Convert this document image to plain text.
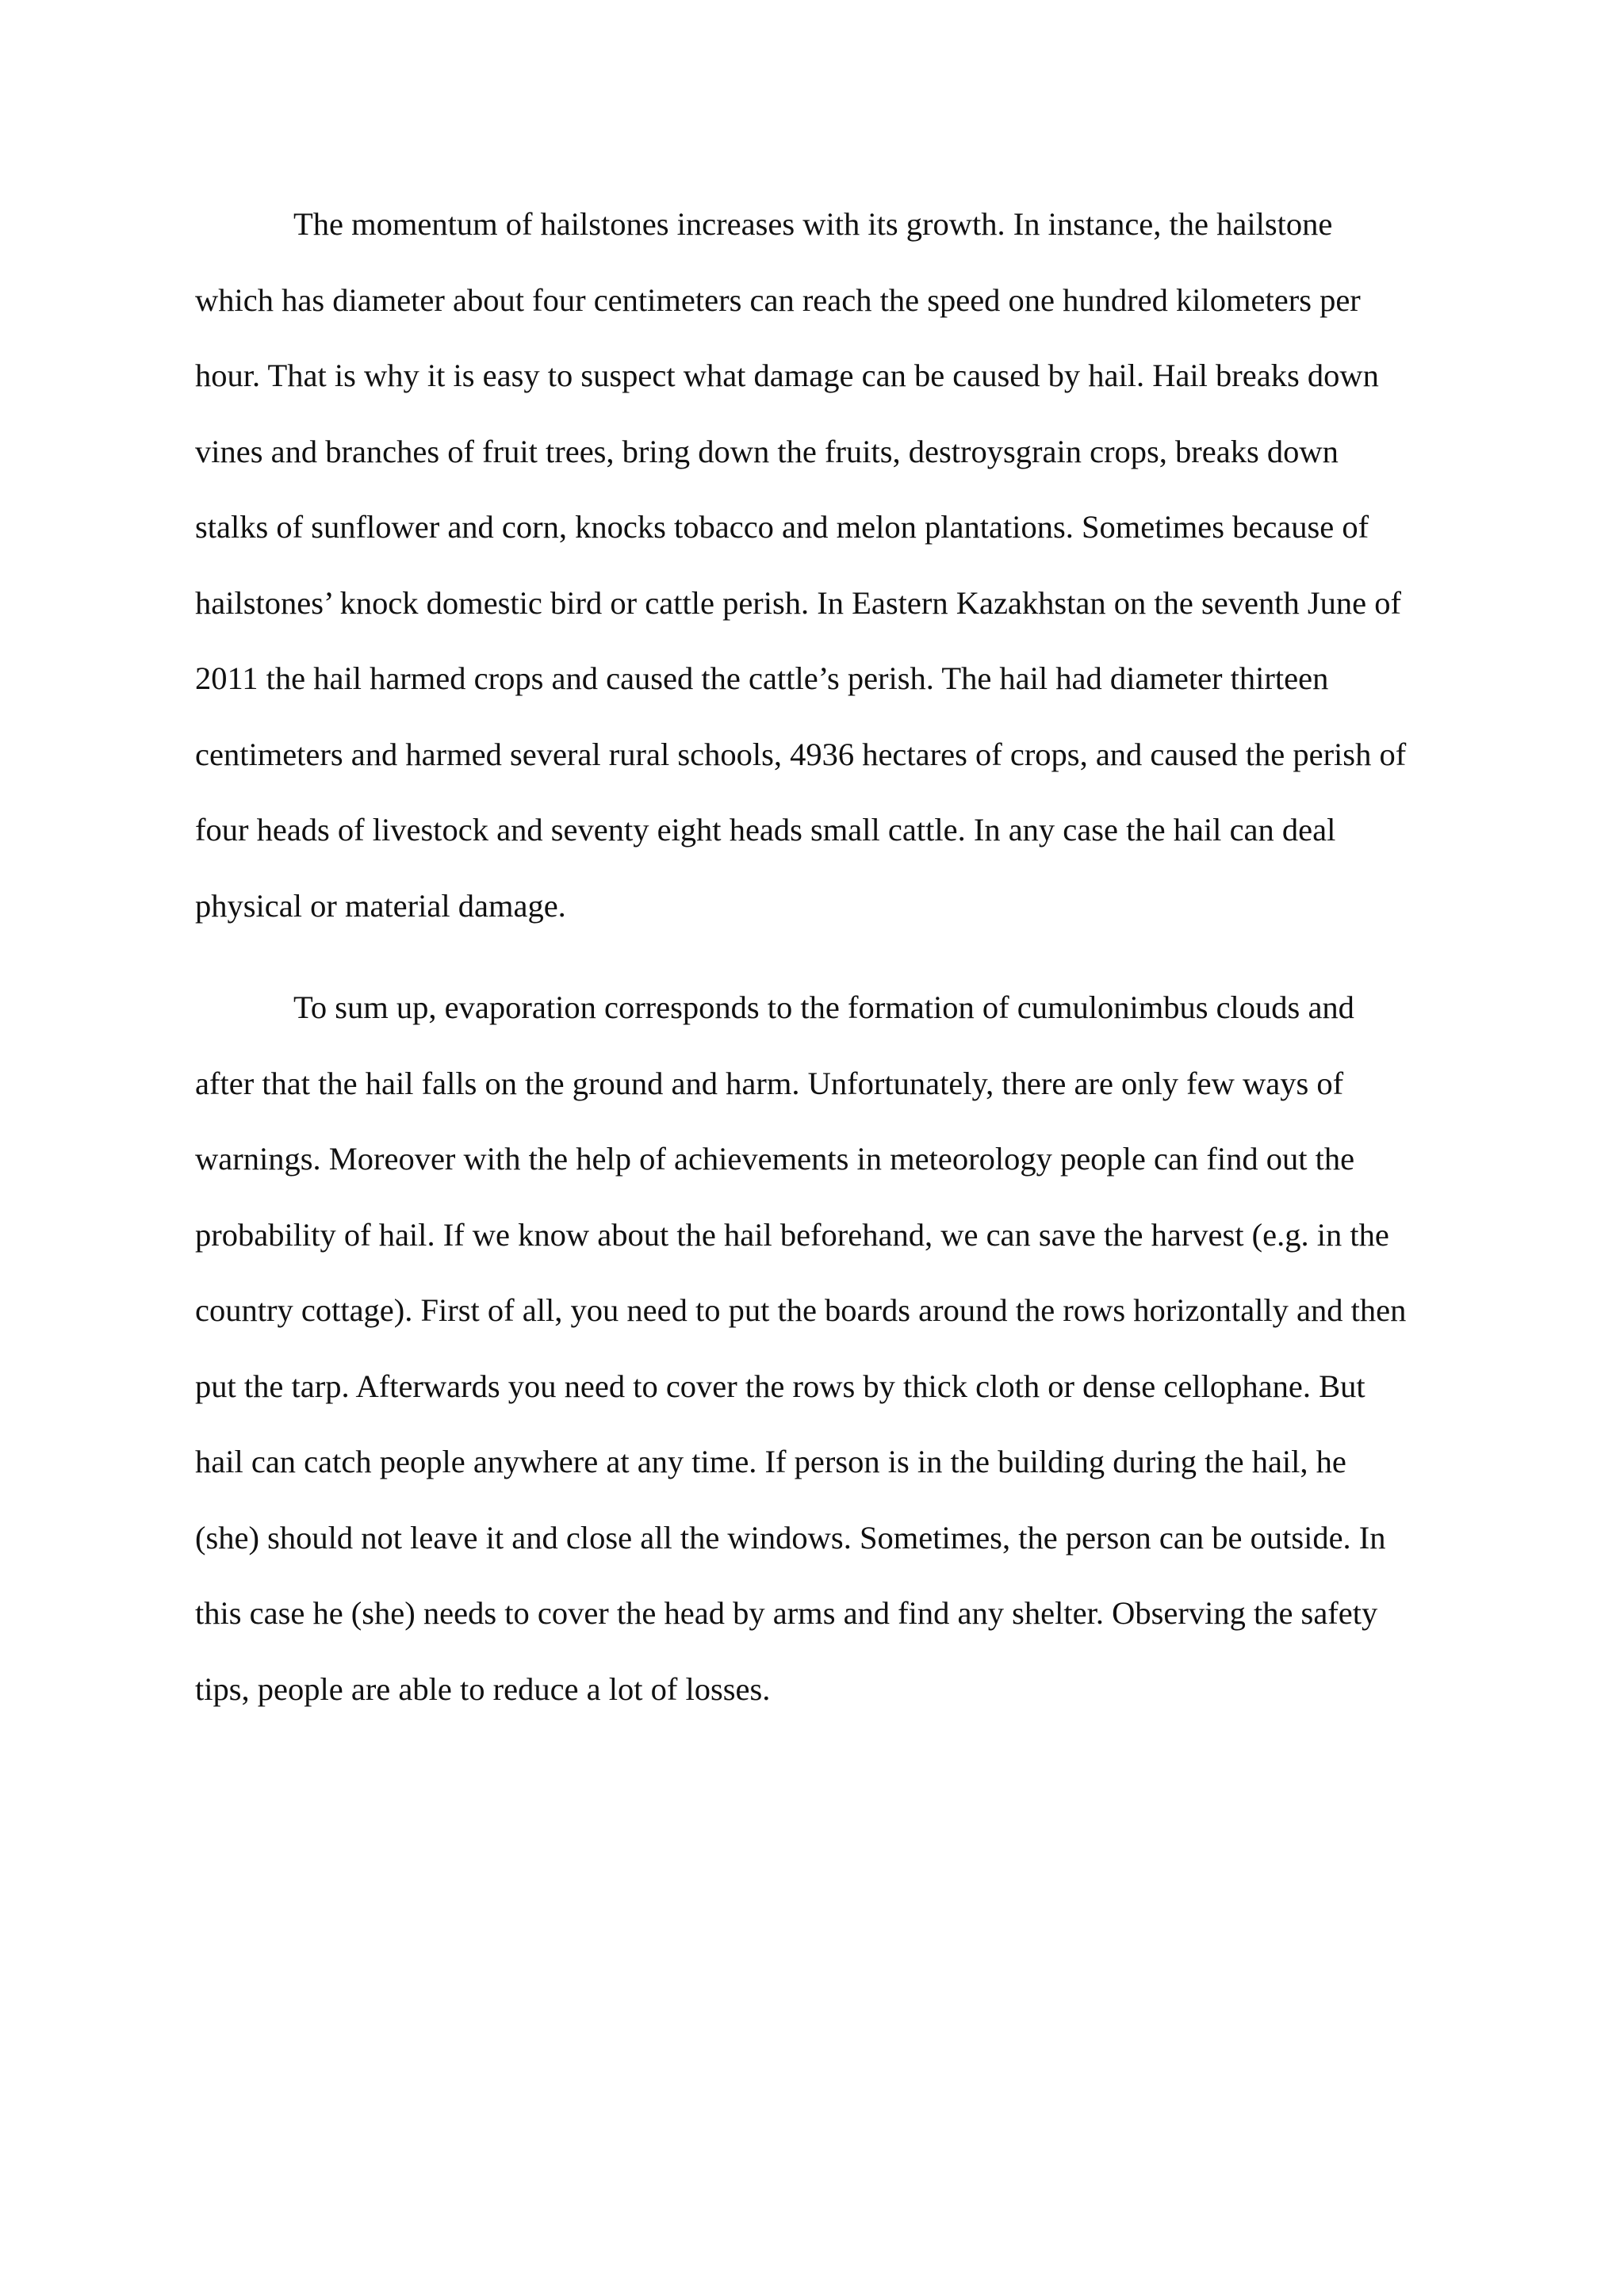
The momentum of hailstones increases with its growth. In instance, the hailstone
which has diameter about four centimeters can reach the speed one hundred kilometers per
hour. That is why it is easy to suspect what damage can be caused by hail. Hail breaks down
vines and branches of fruit trees, bring down the fruits, destroysgrain crops, breaks down
stalks of sunflower and corn, knocks tobacco and melon plantations. Sometimes because of
hailstones’ knock domestic bird or cattle perish. In Eastern Kazakhstan on the seventh June of
2011 the hail harmed crops and caused the cattle’s perish. The hail had diameter thirteen
centimeters and harmed several rural schools, 4936 hectares of crops, and caused the perish of
four heads of livestock and seventy eight heads small cattle. In any case the hail can deal
physical or material damage.
To sum up, evaporation corresponds to the formation of cumulonimbus clouds and
after that the hail falls on the ground and harm. Unfortunately, there are only few ways of
warnings. Moreover with the help of achievements in meteorology people can find out the
probability of hail. If we know about the hail beforehand, we can save the harvest (e.g. in the
country cottage). First of all, you need to put the boards around the rows horizontally and then
put the tarp. Afterwards you need to cover the rows by thick cloth or dense cellophane. But
hail can catch people anywhere at any time. If person is in the building during the hail, he
(she) should not leave it and close all the windows. Sometimes, the person can be outside. In
this case he (she) needs to cover the head by arms and find any shelter. Observing the safety
tips, people are able to reduce a lot of losses.
